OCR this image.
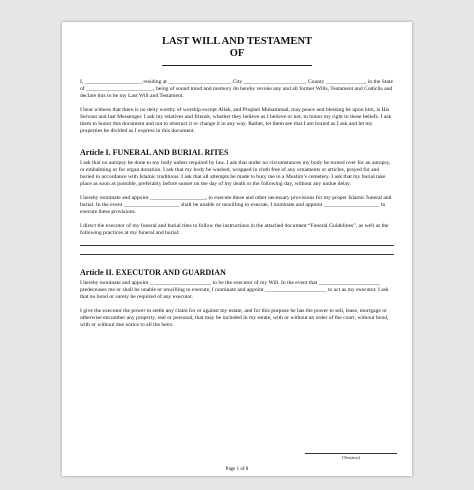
LAST WILL AND TESTAMENT
OF

I, ____________________, residing at ______________________, City ______________________, County ______________, in the State of ________________________, being of sound mind and memory do hereby revoke any and all former Wills, Testament and Codicils and declare this to be my Last Will and Testament.

I bear witness that there is no deity worthy of worship except Allah, and Prophet Muhammad, may peace and blessing be upon him, is His Servant and last Messenger. I ask my relatives and friends, whether they believe as I believe or not, to honor my right to these beliefs. I ask them to honor this document and not to obstruct it or change it in any way. Rather, let them see that I am buried as I ask and let my properties be divided as I express in this document.

Article I. FUNERAL AND BURIAL RITES

I ask that no autopsy be done to my body unless required by law. I ask that under no circumstances my body be turned over for an autopsy, or embalming or for organ donation. I ask that my body be washed, wrapped in cloth free of any ornaments or articles, prayed for and buried in accordance with Islamic traditions. I ask that all attempts be made to bury me in a Muslim’s cemetery. I ask that my burial take place as soon as possible, preferably before sunset on the day of my death or the following day, without any undue delay.

I hereby nominate and appoint ____________________, to execute these and other necessary provisions for my proper Islamic funeral and burial. In the event ____________________ shall be unable or unwilling to execute, I nominate and appoint ____________________ to execute these provisions.

I direct the executor of my funeral and burial rites to follow the instructions in the attached document “Funeral Guidelines”, as well as the following practices at my funeral and burial:

Article II. EXECUTOR AND GUARDIAN

I hereby nominate and appoint ______________________ to be the executor of my Will. In the event that ______________________ predeceases me or shall be unable or unwilling to execute, I nominate and appoint ______________________ to act as my executor. I ask that no bond or surety be required of any executor.

I give the executor the power to settle any claim for or against my estate, and for this purpose he has the power to sell, lease, mortgage or otherwise encumber any property, real or personal, that may be included in my estate, with or without an order of the court, without bond, with or without due notice to all the heirs.

(Testator)
Page 1 of 8
